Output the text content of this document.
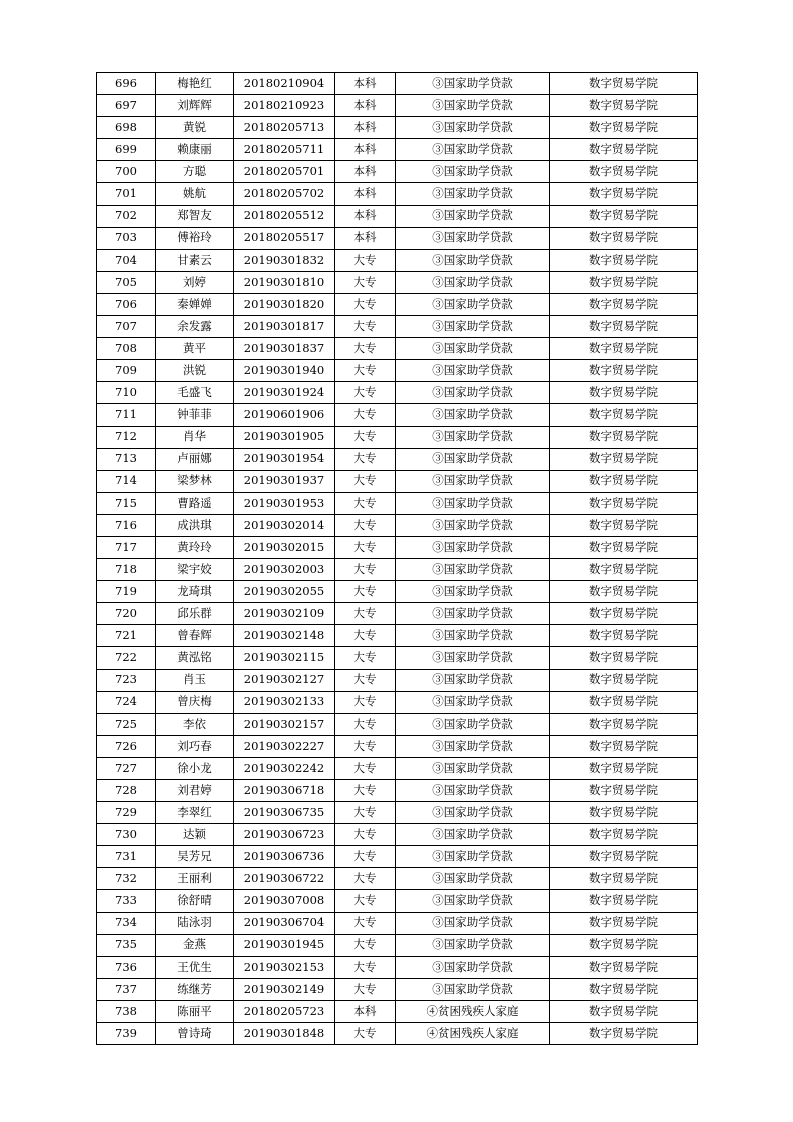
696	梅艳红	20180210904	本科	③国家助学贷款	数字贸易学院
697	刘辉辉	20180210923	本科	③国家助学贷款	数字贸易学院
698	黄锐	20180205713	本科	③国家助学贷款	数字贸易学院
699	赖康丽	20180205711	本科	③国家助学贷款	数字贸易学院
700	方聪	20180205701	本科	③国家助学贷款	数字贸易学院
701	姚航	20180205702	本科	③国家助学贷款	数字贸易学院
702	郑智友	20180205512	本科	③国家助学贷款	数字贸易学院
703	傅裕玲	20180205517	本科	③国家助学贷款	数字贸易学院
704	甘素云	20190301832	大专	③国家助学贷款	数字贸易学院
705	刘婷	20190301810	大专	③国家助学贷款	数字贸易学院
706	秦婵婵	20190301820	大专	③国家助学贷款	数字贸易学院
707	余发露	20190301817	大专	③国家助学贷款	数字贸易学院
708	黄平	20190301837	大专	③国家助学贷款	数字贸易学院
709	洪锐	20190301940	大专	③国家助学贷款	数字贸易学院
710	毛盛飞	20190301924	大专	③国家助学贷款	数字贸易学院
711	钟菲菲	20190601906	大专	③国家助学贷款	数字贸易学院
712	肖华	20190301905	大专	③国家助学贷款	数字贸易学院
713	卢丽娜	20190301954	大专	③国家助学贷款	数字贸易学院
714	梁梦林	20190301937	大专	③国家助学贷款	数字贸易学院
715	曹路遥	20190301953	大专	③国家助学贷款	数字贸易学院
716	成洪琪	20190302014	大专	③国家助学贷款	数字贸易学院
717	黄玲玲	20190302015	大专	③国家助学贷款	数字贸易学院
718	梁宇姣	20190302003	大专	③国家助学贷款	数字贸易学院
719	龙琦琪	20190302055	大专	③国家助学贷款	数字贸易学院
720	邱乐群	20190302109	大专	③国家助学贷款	数字贸易学院
721	曾春辉	20190302148	大专	③国家助学贷款	数字贸易学院
722	黄泓铭	20190302115	大专	③国家助学贷款	数字贸易学院
723	肖玉	20190302127	大专	③国家助学贷款	数字贸易学院
724	曾庆梅	20190302133	大专	③国家助学贷款	数字贸易学院
725	李依	20190302157	大专	③国家助学贷款	数字贸易学院
726	刘巧春	20190302227	大专	③国家助学贷款	数字贸易学院
727	徐小龙	20190302242	大专	③国家助学贷款	数字贸易学院
728	刘君婷	20190306718	大专	③国家助学贷款	数字贸易学院
729	李翠红	20190306735	大专	③国家助学贷款	数字贸易学院
730	达颖	20190306723	大专	③国家助学贷款	数字贸易学院
731	吴芳兄	20190306736	大专	③国家助学贷款	数字贸易学院
732	王丽利	20190306722	大专	③国家助学贷款	数字贸易学院
733	徐舒晴	20190307008	大专	③国家助学贷款	数字贸易学院
734	陆泳羽	20190306704	大专	③国家助学贷款	数字贸易学院
735	金燕	20190301945	大专	③国家助学贷款	数字贸易学院
736	王优生	20190302153	大专	③国家助学贷款	数字贸易学院
737	练继芳	20190302149	大专	③国家助学贷款	数字贸易学院
738	陈丽平	20180205723	本科	④贫困残疾人家庭	数字贸易学院
739	曾诗琦	20190301848	大专	④贫困残疾人家庭	数字贸易学院
